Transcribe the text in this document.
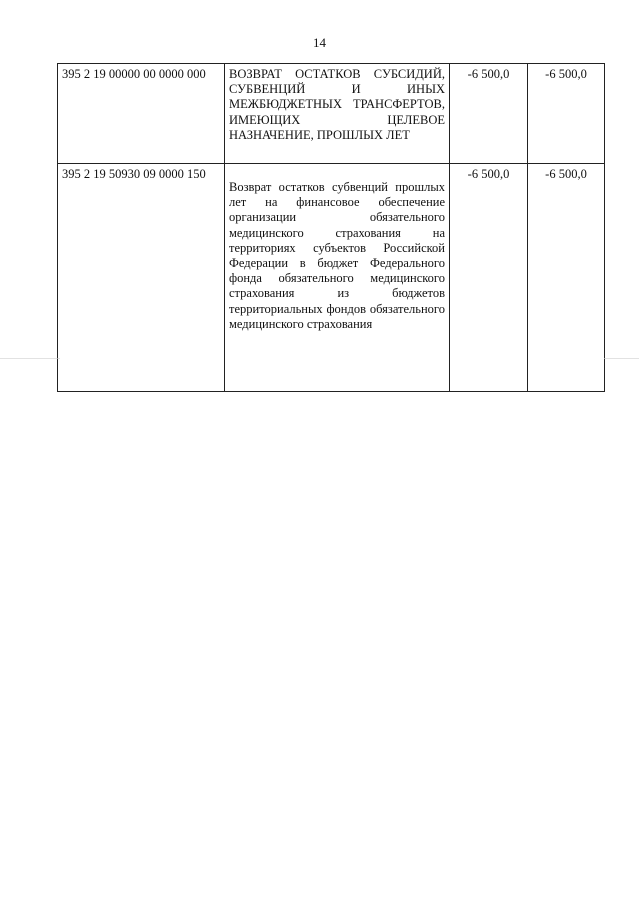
14
395 2 19 00000 00 0000 000	ВОЗВРАТ ОСТАТКОВ СУБСИДИЙ, СУБВЕНЦИЙ И ИНЫХ МЕЖБЮДЖЕТНЫХ ТРАНСФЕРТОВ, ИМЕЮЩИХ ЦЕЛЕВОЕ НАЗНАЧЕНИЕ, ПРОШЛЫХ ЛЕТ	-6 500,0	-6 500,0
395 2 19 50930 09 0000 150	Возврат остатков субвенций прошлых лет на финансовое обеспечение организации обязательного медицинского страхования на территориях субъектов Российской Федерации в бюджет Федерального фонда обязательного медицинского страхования из бюджетов территориальных фондов обязательного медицинского страхования	-6 500,0	-6 500,0
